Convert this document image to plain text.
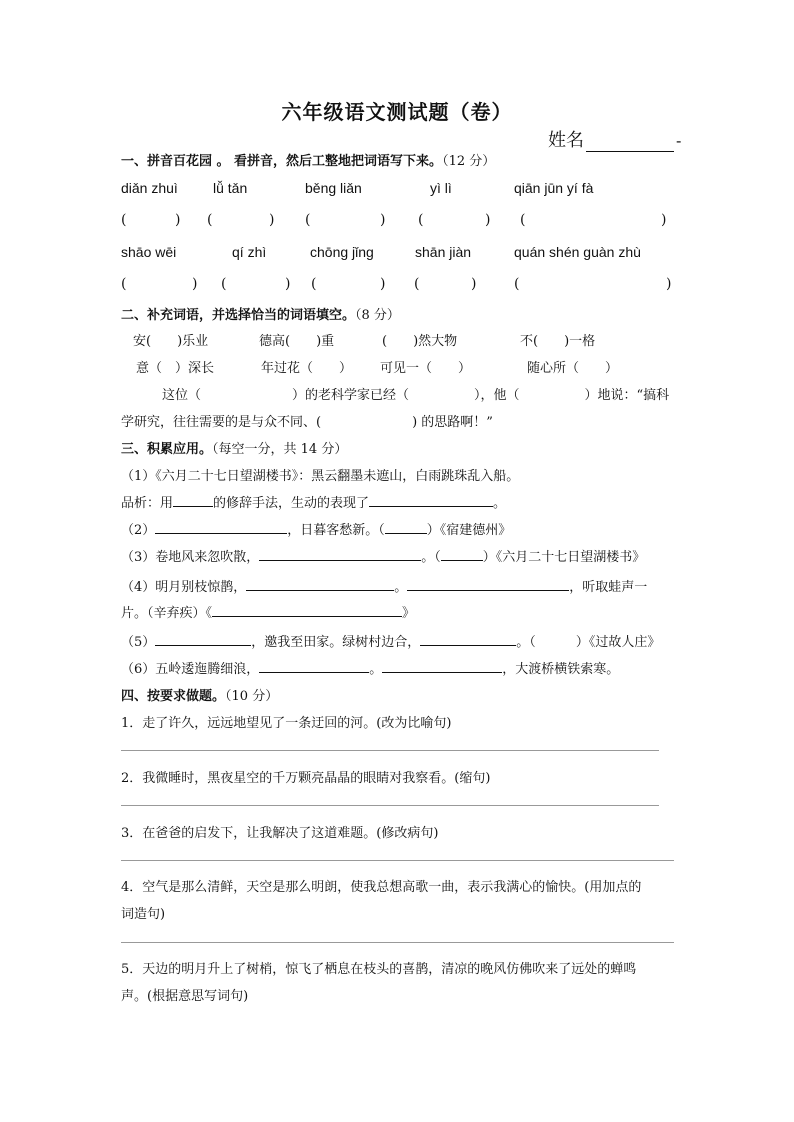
六年级语文测试题（卷）
姓名	-
一、拼音百花园 。 看拼音，然后工整地把词语写下来。（12 分）
diǎn zhuì	lǚ tǎn	běng liǎn	yì lì	qiān jūn yí fà
(	) (	) (	) (	) (	)
shāo wēi	qí zhì	chōng jǐng	shān jiàn	quán shén guàn zhù
(	) (	) (	) (	)	(	)
二、补充词语，并选择恰当的词语填空。（8 分）
安(　　)乐业	德高(　　)重	(　　)然大物	不(　　)一格
意（　）深长	年过花（　　） 可见一（　　）	随心所（　　）
这位（　　　　　　　）的老科学家已经（　　　　　），他（　　　　　）地说：“搞科
学研究，往往需要的是与众不同、(　　　　　　　) 的思路啊！”
三、积累应用。（每空一分，共 14 分）
（1）《六月二十七日望湖楼书》：黑云翻墨未遮山，白雨跳珠乱入船。
品析：用	的修辞手法，生动的表现了	。
（2）	，日暮客愁新。（	）《宿建德州》
（3）卷地风来忽吹散，	。（	）《六月二十七日望湖楼书》
（4）明月别枝惊鹊，	。	，听取蛙声一
片。（辛弃疾）《	》
（5）	，邀我至田家。绿树村边合，	。（	）《过故人庄》
（6）五岭逶迤腾细浪，	。	，大渡桥横铁索寒。
四、按要求做题。（10 分）
1．走了许久，远远地望见了一条迂回的河。(改为比喻句)
2．我微睡时，黑夜星空的千万颗亮晶晶的眼睛对我察看。(缩句)
3．在爸爸的启发下，让我解决了这道难题。(修改病句)
4．空气是那么清鲜，天空是那么明朗，使我总想高歌一曲，表示我满心的愉快。(用加点的
词造句)
5．天边的明月升上了树梢，惊飞了栖息在枝头的喜鹊，清凉的晚风仿佛吹来了远处的蝉鸣
声。(根据意思写词句)
